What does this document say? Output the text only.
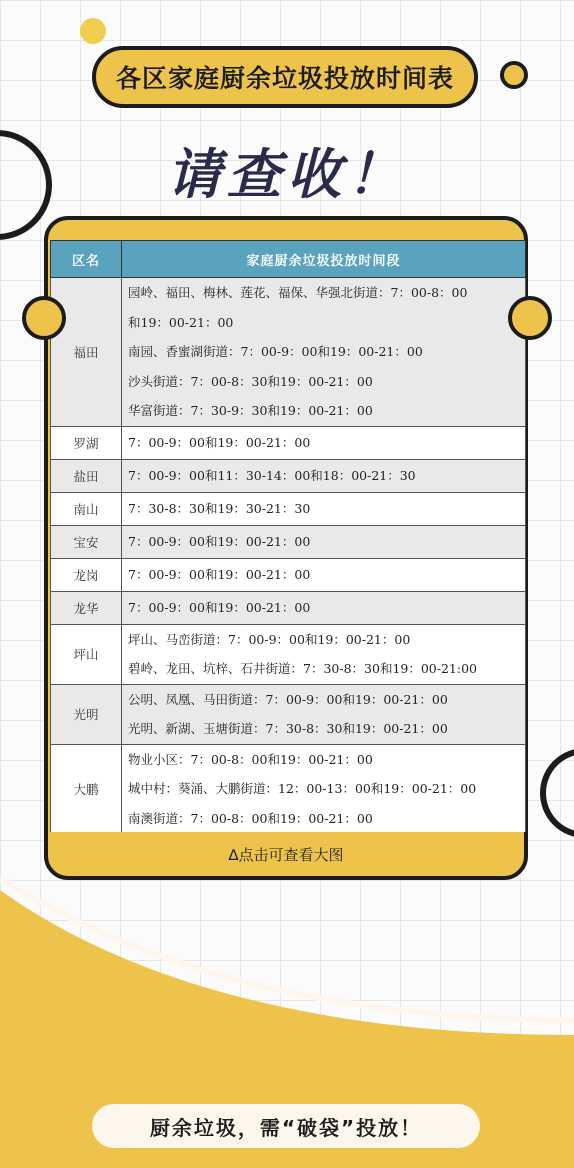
各区家庭厨余垃圾投放时间表
请查收！
区名	家庭厨余垃圾投放时间段
福田	园岭、福田、梅林、莲花、福保、华强北街道：7：00-8：00
和19：00-21：00
南园、香蜜湖街道：7：00-9：00和19：00-21：00
沙头街道：7：00-8：30和19：00-21：00
华富街道：7：30-9：30和19：00-21：00

罗湖	7：00-9：00和19：00-21：00

盐田	7：00-9：00和11：30-14：00和18：00-21：30

南山	7：30-8：30和19：30-21：30

宝安	7：00-9：00和19：00-21：00

龙岗	7：00-9：00和19：00-21：00

龙华	7：00-9：00和19：00-21：00

坪山	坪山、马峦街道：7：00-9：00和19：00-21：00
碧岭、龙田、坑梓、石井街道：7：30-8：30和19：00-21:00

光明	公明、凤凰、马田街道：7：00-9：00和19：00-21：00
光明、新湖、玉塘街道：7：30-8：30和19：00-21：00

大鹏	物业小区：7：00-8：00和19：00-21：00
城中村：葵涌、大鹏街道：12：00-13：00和19：00-21：00
南澳街道：7：00-8：00和19：00-21：00
∆点击可查看大图
厨余垃圾，需“破袋”投放！
